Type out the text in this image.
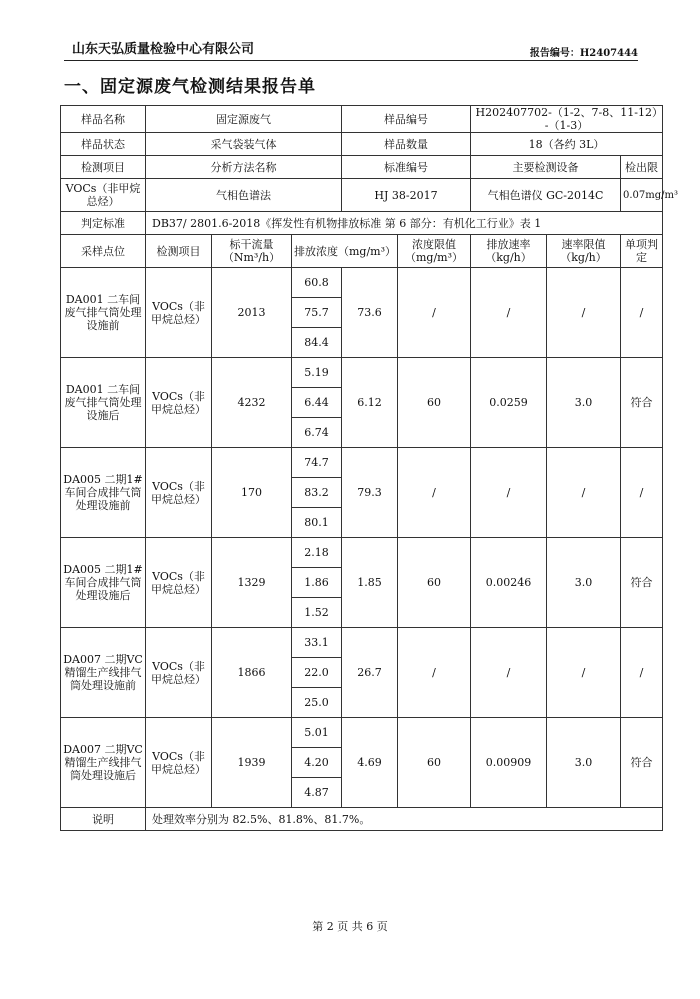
山东天弘质量检验中心有限公司	报告编号：H2407444
一、固定源废气检测结果报告单
样品名称	固定源废气			样品编号		H202407702-（1-2、7-8、11-12）-（1-3）		
样品状态	采气袋装气体			样品数量		18（各约 3L）		
检测项目	分析方法名称			标准编号		主要检测设备		检出限
VOCs（非甲烷总烃）	气相色谱法			HJ 38-2017		气相色谱仪 GC-2014C		0.07mg/m³
判定标准	DB37/ 2801.6-2018《挥发性有机物排放标准 第 6 部分：有机化工行业》表 1							
采样点位	检测项目	标干流量（Nm³/h）	排放浓度（mg/m³）		浓度限值（mg/m³）	排放速率（kg/h）	速率限值（kg/h）	单项判定
DA001 二车间废气排气筒处理设施前	VOCs（非甲烷总烃）	2013	60.8	73.6	/	/	/	/
			75.7					
			84.4					
DA001 二车间废气排气筒处理设施后	VOCs（非甲烷总烃）	4232	5.19	6.12	60	0.0259	3.0	符合
			6.44					
			6.74					
DA005 二期1#车间合成排气筒处理设施前	VOCs（非甲烷总烃）	170	74.7	79.3	/	/	/	/
			83.2					
			80.1					
DA005 二期1#车间合成排气筒处理设施后	VOCs（非甲烷总烃）	1329	2.18	1.85	60	0.00246	3.0	符合
			1.86					
			1.52					
DA007 二期VC精馏生产线排气筒处理设施前	VOCs（非甲烷总烃）	1866	33.1	26.7	/	/	/	/
			22.0					
			25.0					
DA007 二期VC精馏生产线排气筒处理设施后	VOCs（非甲烷总烃）	1939	5.01	4.69	60	0.00909	3.0	符合
			4.20					
			4.87					
说明	处理效率分别为 82.5%、81.8%、81.7%。							
第 2 页 共 6 页
